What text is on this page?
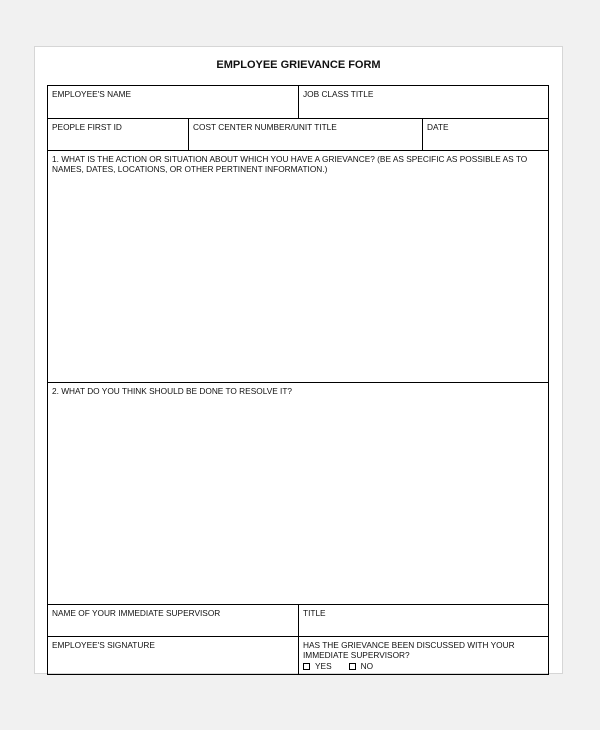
EMPLOYEE GRIEVANCE FORM
EMPLOYEE'S NAME	JOB CLASS TITLE
PEOPLE FIRST ID	COST CENTER NUMBER/UNIT TITLE	DATE
1. WHAT IS THE ACTION OR SITUATION ABOUT WHICH YOU HAVE A GRIEVANCE? (BE AS SPECIFIC AS POSSIBLE AS TO NAMES, DATES, LOCATIONS, OR OTHER PERTINENT INFORMATION.)
2. WHAT DO YOU THINK SHOULD BE DONE TO RESOLVE IT?
NAME OF YOUR IMMEDIATE SUPERVISOR	TITLE
EMPLOYEE'S SIGNATURE	HAS THE GRIEVANCE BEEN DISCUSSED WITH YOUR IMMEDIATE SUPERVISOR?
YES	NO
